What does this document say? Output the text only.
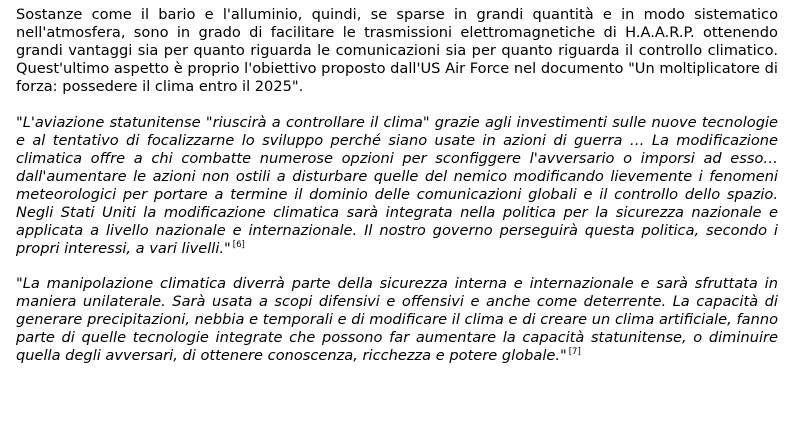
Sostanze come il bario e l'alluminio, quindi, se sparse in grandi quantità e in modo sistematico nell'atmosfera, sono in grado di facilitare le trasmissioni elettromagnetiche di H.A.A.R.P. ottenendo grandi vantaggi sia per quanto riguarda le comunicazioni sia per quanto riguarda il controllo climatico. Quest'ultimo aspetto è proprio l'obiettivo proposto dall'US Air Force nel documento "Un moltiplicatore di forza: possedere il clima entro il 2025".

"L'aviazione statunitense "riuscirà a controllare il clima" grazie agli investimenti sulle nuove tecnologie e al tentativo di focalizzarne lo sviluppo perché siano usate in azioni di guerra … La modificazione climatica offre a chi combatte numerose opzioni per sconfiggere l'avversario o imporsi ad esso… dall'aumentare le azioni non ostili a disturbare quelle del nemico modificando lievemente i fenomeni meteorologici per portare a termine il dominio delle comunicazioni globali e il controllo dello spazio. Negli Stati Uniti la modificazione climatica sarà integrata nella politica per la sicurezza nazionale e applicata a livello nazionale e internazionale. Il nostro governo perseguirà questa politica, secondo i propri interessi, a vari livelli." [6]

"La manipolazione climatica diverrà parte della sicurezza interna e internazionale e sarà sfruttata in maniera unilaterale. Sarà usata a scopi difensivi e offensivi e anche come deterrente. La capacità di generare precipitazioni, nebbia e temporali e di modificare il clima e di creare un clima artificiale, fanno parte di quelle tecnologie integrate che possono far aumentare la capacità statunitense, o diminuire quella degli avversari, di ottenere conoscenza, ricchezza e potere globale." [7]
